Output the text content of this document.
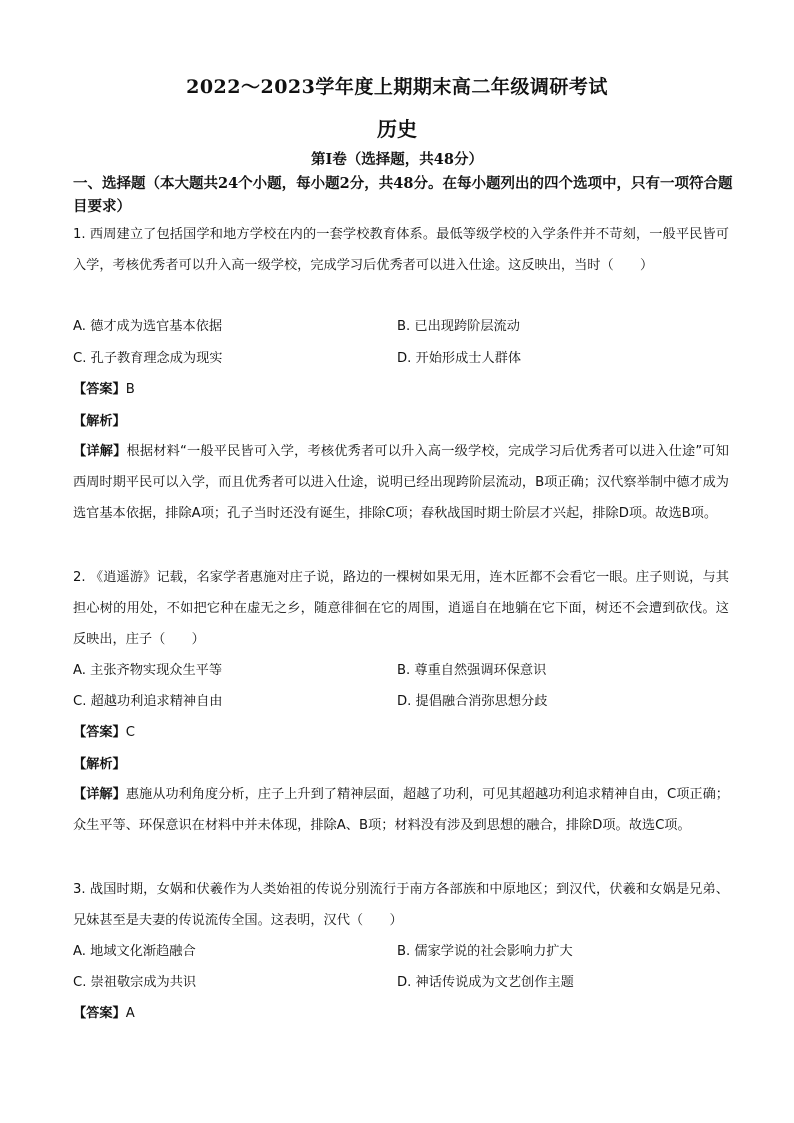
2022～2023学年度上期期末高二年级调研考试
历史
第Ⅰ卷（选择题，共48分）
一、选择题（本大题共24个小题，每小题2分，共48分。在每小题列出的四个选项中，只有一项符合题目要求）
1. 西周建立了包括国学和地方学校在内的一套学校教育体系。最低等级学校的入学条件并不苛刻，一般平民皆可入学，考核优秀者可以升入高一级学校，完成学习后优秀者可以进入仕途。这反映出，当时（　　）
A. 德才成为选官基本依据	B. 已出现跨阶层流动
C. 孔子教育理念成为现实	D. 开始形成士人群体
【答案】B
【解析】
【详解】根据材料“一般平民皆可入学，考核优秀者可以升入高一级学校，完成学习后优秀者可以进入仕途”可知西周时期平民可以入学，而且优秀者可以进入仕途，说明已经出现跨阶层流动，B项正确；汉代察举制中德才成为选官基本依据，排除A项；孔子当时还没有诞生，排除C项；春秋战国时期士阶层才兴起，排除D项。故选B项。
2. 《逍遥游》记载，名家学者惠施对庄子说，路边的一棵树如果无用，连木匠都不会看它一眼。庄子则说，与其担心树的用处，不如把它种在虚无之乡，随意徘徊在它的周围，逍遥自在地躺在它下面，树还不会遭到砍伐。这反映出，庄子（　　）
A. 主张齐物实现众生平等	B. 尊重自然强调环保意识
C. 超越功利追求精神自由	D. 提倡融合消弥思想分歧
【答案】C
【解析】
【详解】惠施从功利角度分析，庄子上升到了精神层面，超越了功利，可见其超越功利追求精神自由，C项正确；众生平等、环保意识在材料中并未体现，排除A、B项；材料没有涉及到思想的融合，排除D项。故选C项。
3. 战国时期，女娲和伏羲作为人类始祖的传说分别流行于南方各部族和中原地区；到汉代，伏羲和女娲是兄弟、兄妹甚至是夫妻的传说流传全国。这表明，汉代（　　）
A. 地域文化渐趋融合	B. 儒家学说的社会影响力扩大
C. 崇祖敬宗成为共识	D. 神话传说成为文艺创作主题
【答案】A
